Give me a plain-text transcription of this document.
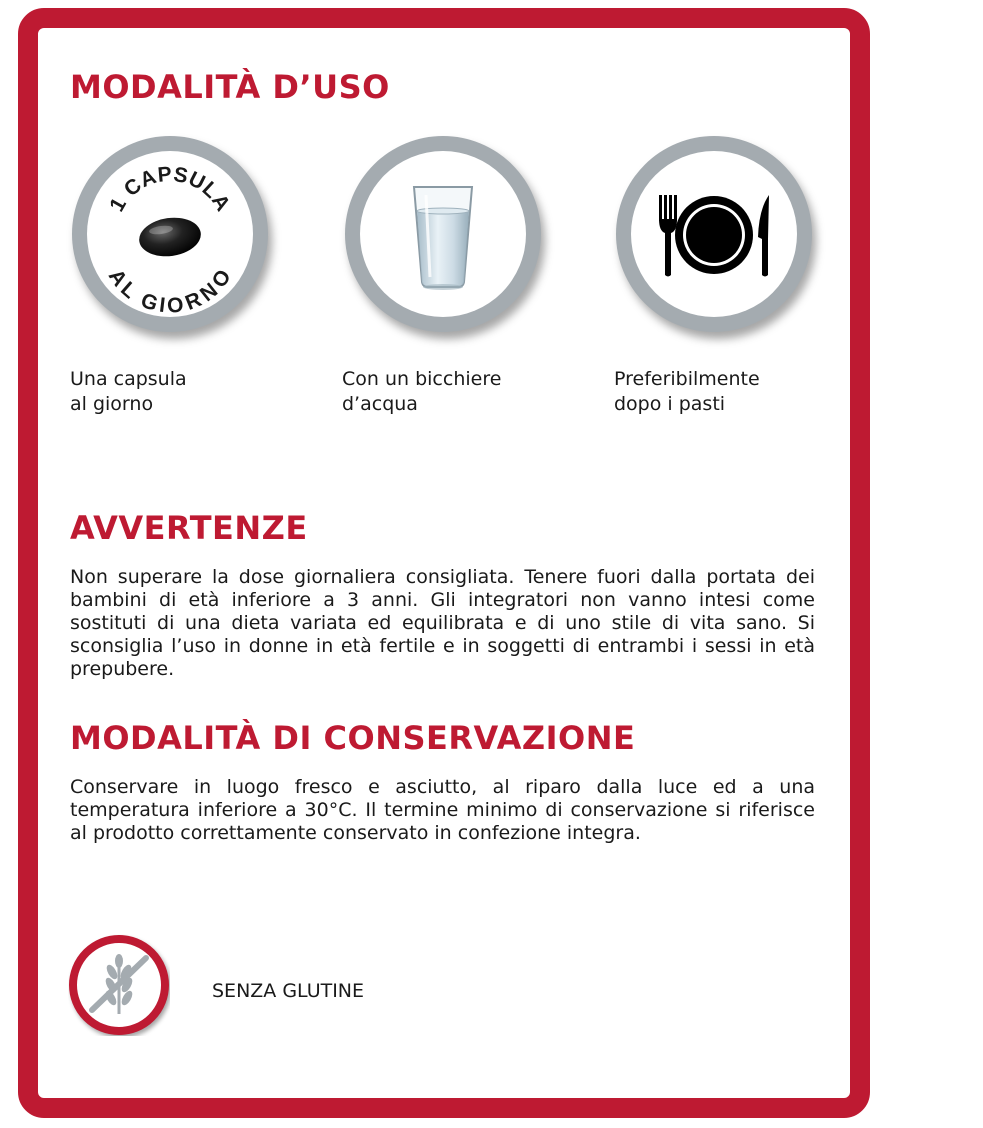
MODALITÀ D’USO
1 CAPSULA
AL GIORNO

Una capsula
al giorno

Con un bicchiere
d’acqua

Preferibilmente
dopo i pasti

AVVERTENZE

Non superare la dose giornaliera consigliata. Tenere fuori dalla portata dei bambini di età inferiore a 3 anni. Gli integratori non vanno intesi come sostituti di una dieta variata ed equilibrata e di uno stile di vita sano. Si sconsiglia l’uso in donne in età fertile e in soggetti di entrambi i sessi in età prepubere.

MODALITÀ DI CONSERVAZIONE

Conservare in luogo fresco e asciutto, al riparo dalla luce ed a una temperatura inferiore a 30°C. Il termine minimo di conservazione si riferisce al prodotto correttamente conservato in confezione integra.

SENZA GLUTINE
